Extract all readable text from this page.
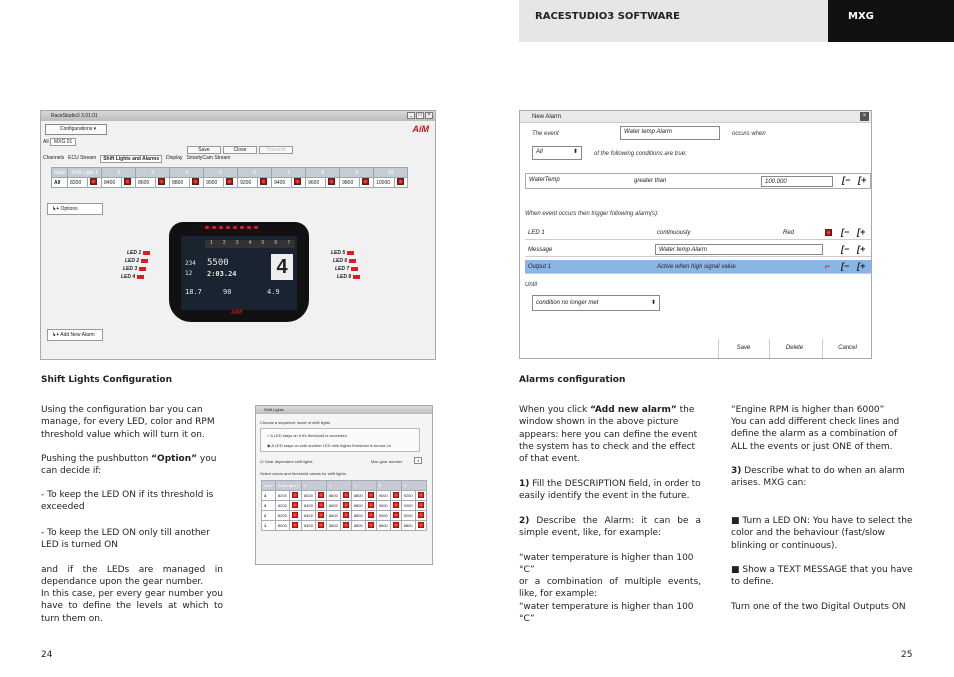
RACESTUDIO3 SOFTWARE	MXG
RaceStudio3 3.01.01	_	□	×
Configurations ▾	AiM
All MXG 01
Save	Close	Transmit
Channels ECU Stream	Shift Lights and Alarms	Display SmartyCam Stream
Gear	Shift Light 1		2		3		4		5		6		7		8		9		10	
All	8200		8400		8600		8800		9000		9200		9400		9600		9800		10000	
↳+ Options
LED 1
LED 2
LED 3
LED 4
LED 5
LED 6
LED 7
LED 8
1	2	3	4	5	6	7
5500
234
12 2:03.24 4
18.7	90	4.9
AiM
↳+ Add New Alarm
New Alarm	×
The event	Water temp Alarm	occurs when
All	⬍	of the following conditions are true:
WaterTemp	greater than	100.000	[− [+
When event occurs then trigger following alarm(s):
LED 1	continuously	Red	[− [+
Message	Water temp Alarm	[− [+
Output 1	Active when high signal value	⌐	[− [+
Until
condition no longer met	⬍
Save	Delete	Cancel
Shift Lights
Choose a sequence mode of shift lights
○ A LED stays on if it's threshold is exceeded
◉ A LED stays on until another LED with higher threshold is turned on
☑ Gear dependent shift lights	Max gear number	4
Select colors and threshold values for shift lights:
Gear	Shift Light 1		2		3		4		5		6	
4	8200		8400		8600		8800		9000		9200	
3	8200		8400		8600		8800		9000		9200	
2	8200		8400		8600		8800		9000		9200	
1	8000		8400		8600		8800		8800		8800	
Shift Lights Configuration	Alarms configuration
Using the configuration bar you can manage, for every LED, color and RPM threshold value which will turn it on.
Pushing the pushbutton “Option” you can decide if:
- To keep the LED ON if its threshold is exceeded
- To keep the LED ON only till another LED is turned ON
and if the LEDs are managed in dependance upon the gear number.
In this case, per every gear number you have to define the levels at which to turn them on.
When you click “Add new alarm” the window shown in the above picture appears: here you can define the event the system has to check and the effect of that event.
1) Fill the DESCRIPTION field, in order to easily identify the event in the future.
2) Describe the Alarm: it can be a simple event, like, for example:
“water temperature is higher than 100 °C”
or a combination of multiple events, like, for example:
“water temperature is higher than 100 °C”
“Engine RPM is higher than 6000”
You can add different check lines and define the alarm as a combination of ALL the events or just ONE of them.
3) Describe what to do when an alarm arises. MXG can:
■ Turn a LED ON: You have to select the color and the behaviour (fast/slow blinking or continuous).
■ Show a TEXT MESSAGE that you have to define.
Turn one of the two Digital Outputs ON
24	25
